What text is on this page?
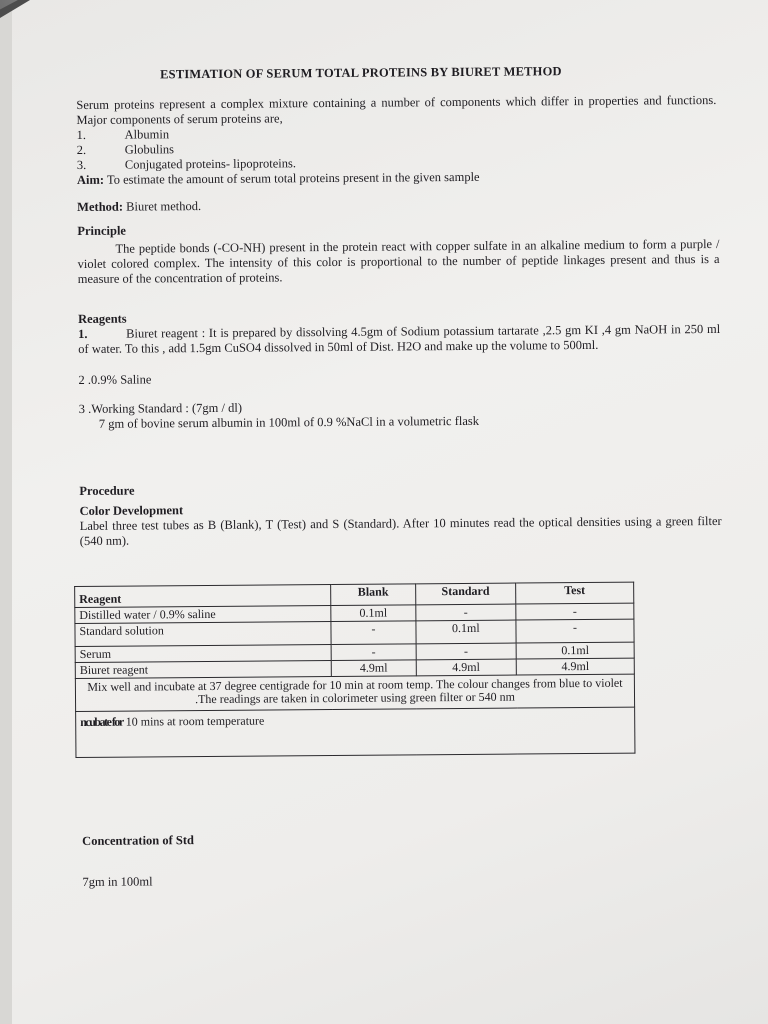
ESTIMATION OF SERUM TOTAL PROTEINS BY BIURET METHOD

Serum proteins represent a complex mixture containing a number of components which differ in properties and functions. Major components of serum proteins are,

1.	Albumin
2.	Globulins
3.	Conjugated proteins- lipoproteins.

Aim: To estimate the amount of serum total proteins present in the given sample

Method: Biuret method.

Principle

The peptide bonds (-CO-NH) present in the protein react with copper sulfate in an alkaline medium to form a purple / violet colored complex. The intensity of this color is proportional to the number of peptide linkages present and thus is a measure of the concentration of proteins.

Reagents

1.	Biuret reagent : It is prepared by dissolving 4.5gm of Sodium potassium tartarate ,2.5 gm KI ,4 gm NaOH in 250 ml of water. To this , add 1.5gm CuSO4 dissolved in 50ml of Dist. H2O and make up the volume to 500ml.

2 .0.9% Saline

3 .Working Standard : (7gm / dl)

7 gm of bovine serum albumin in 100ml of 0.9 %NaCl in a volumetric flask

Procedure

Color Development

Label three test tubes as B (Blank), T (Test) and S (Standard). After 10 minutes read the optical densities using a green filter (540 nm).

Reagent	Blank	Standard	Test
Distilled water / 0.9% saline	0.1ml	-	-
Standard solution	-	0.1ml	-
Serum	-	-	0.1ml
Biuret reagent	4.9ml	4.9ml	4.9ml
Mix well and incubate at 37 degree centigrade for 10 min at room temp. The colour changes from blue to violet .The readings are taken in colorimeter using green filter or 540 nm			
ncubate for 10 mins at room temperature			

Concentration of Std

7gm in 100ml
